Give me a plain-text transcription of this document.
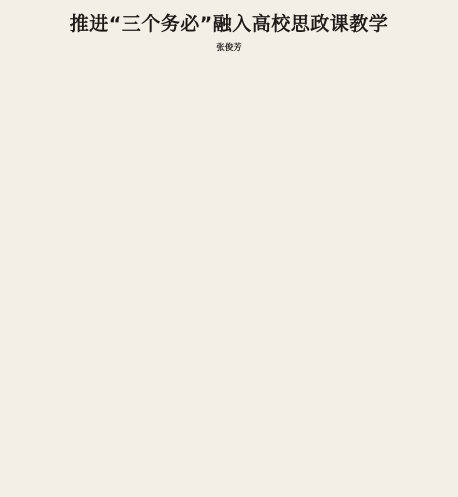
推进“三个务必”融入高校思政课教学
张俊芳
